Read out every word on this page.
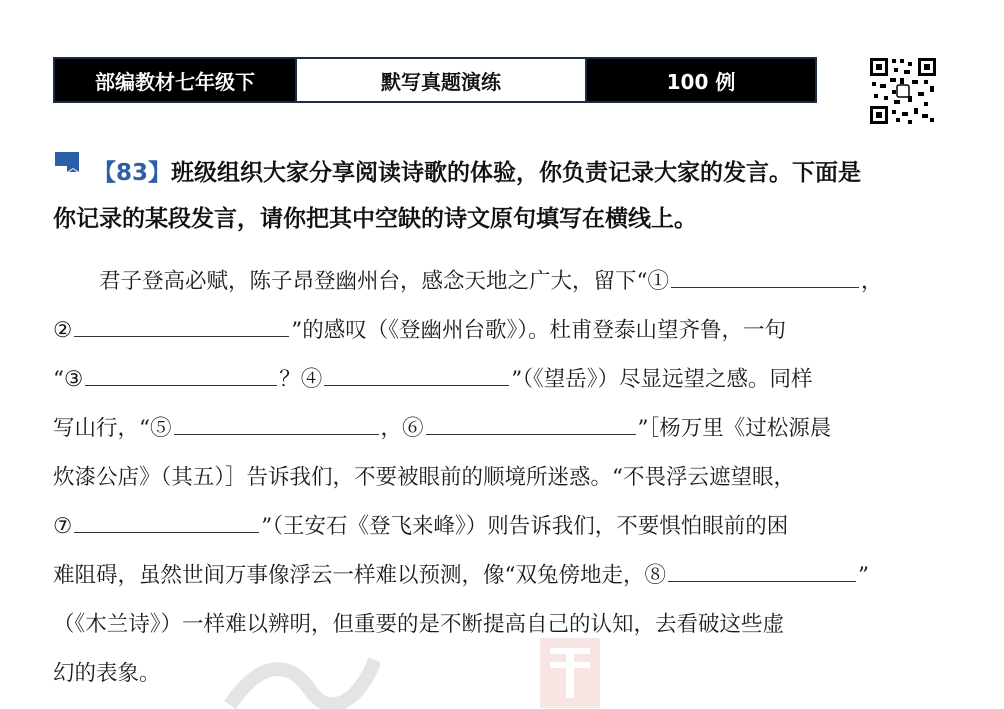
部编教材七年级下	默写真题演练	100 例
【83】班级组织大家分享阅读诗歌的体验，你负责记录大家的发言。下面是
你记录的某段发言，请你把其中空缺的诗文原句填写在横线上。
君子登高必赋，陈子昂登幽州台，感念天地之广大，留下“①	，
②	”的感叹（《登幽州台歌》）。杜甫登泰山望齐鲁，一句
“③	？④	”（《望岳》）尽显远望之感。同样
写山行，“⑤	，⑥	”［杨万里《过松源晨
炊漆公店》（其五）］告诉我们，不要被眼前的顺境所迷惑。“不畏浮云遮望眼，
⑦	”（王安石《登飞来峰》）则告诉我们，不要惧怕眼前的困
难阻碍，虽然世间万事像浮云一样难以预测，像“双兔傍地走，⑧	”
（《木兰诗》）一样难以辨明，但重要的是不断提高自己的认知，去看破这些虚
幻的表象。
